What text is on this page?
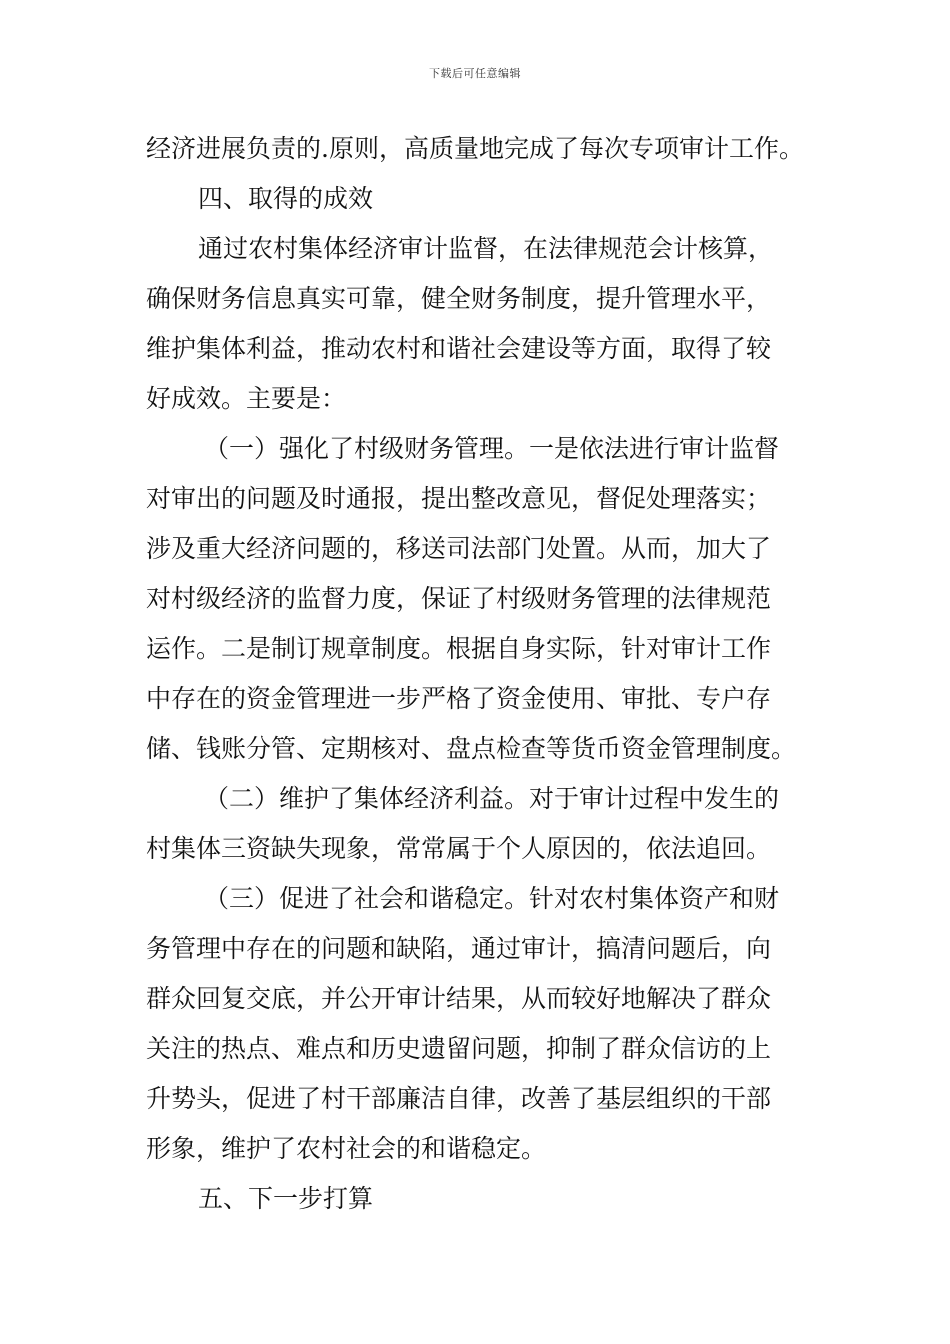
下载后可任意编辑
经济进展负责的.原则，高质量地完成了每次专项审计工作。
四、取得的成效
通过农村集体经济审计监督，在法律规范会计核算，
确保财务信息真实可靠，健全财务制度，提升管理水平，
维护集体利益，推动农村和谐社会建设等方面，取得了较
好成效。主要是：
（一）强化了村级财务管理。一是依法进行审计监督
对审出的问题及时通报，提出整改意见，督促处理落实；
涉及重大经济问题的，移送司法部门处置。从而，加大了
对村级经济的监督力度，保证了村级财务管理的法律规范
运作。二是制订规章制度。根据自身实际，针对审计工作
中存在的资金管理进一步严格了资金使用、审批、专户存
储、钱账分管、定期核对、盘点检查等货币资金管理制度。
（二）维护了集体经济利益。对于审计过程中发生的
村集体三资缺失现象，常常属于个人原因的，依法追回。
（三）促进了社会和谐稳定。针对农村集体资产和财
务管理中存在的问题和缺陷，通过审计，搞清问题后，向
群众回复交底，并公开审计结果，从而较好地解决了群众
关注的热点、难点和历史遗留问题，抑制了群众信访的上
升势头，促进了村干部廉洁自律，改善了基层组织的干部
形象，维护了农村社会的和谐稳定。
五、下一步打算
